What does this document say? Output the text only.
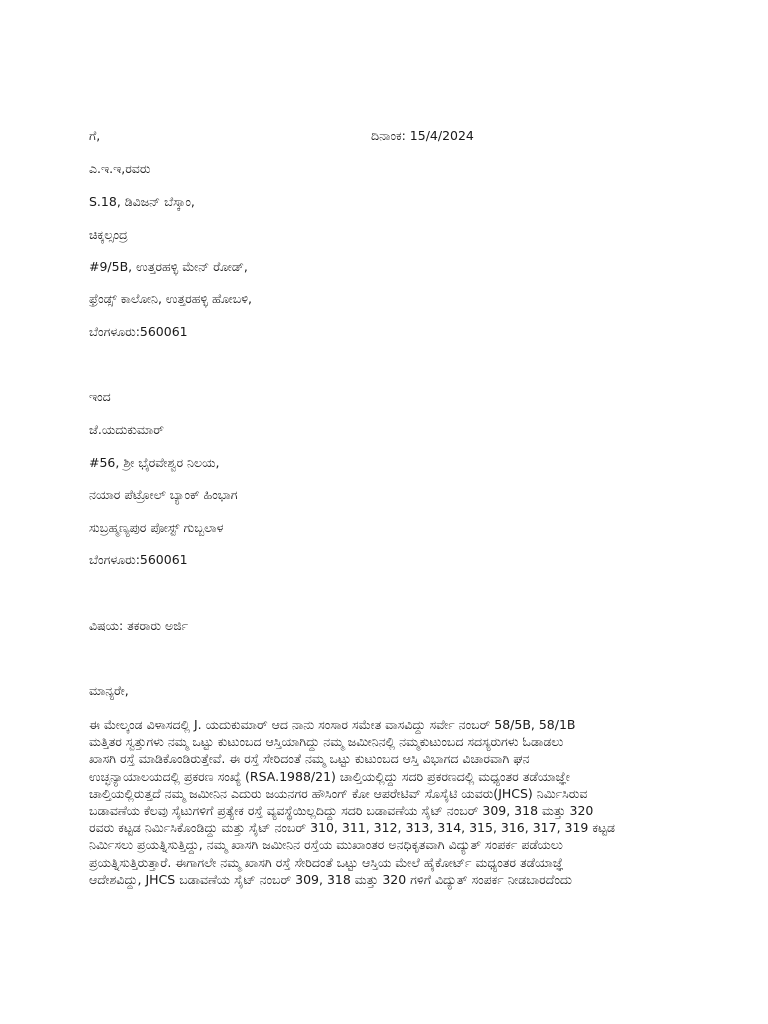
ಗೆ,	ದಿನಾಂಕ: 15/4/2024
ಎ.ಇ.ಇ,ರವರು
S.18, ಡಿವಿಜನ್ ಬೆಸ್ಕಾಂ,
ಚಿಕ್ಕಲ್ಸಂದ್ರ
#9/5B, ಉತ್ತರಹಳ್ಳಿ ಮೇನ್ ರೋಡ್,
ಫ್ರೆಂಡ್ಸ್ ಕಾಲೋನಿ, ಉತ್ತರಹಳ್ಳಿ ಹೋಬಳಿ,
ಬೆಂಗಳೂರು:560061
ಇಂದ
ಜೆ.ಯದುಕುಮಾರ್
#56, ಶ್ರೀ ಭೈರವೇಶ್ವರ ನಿಲಯ,
ನಯಾರ ಪೆಟ್ರೋಲ್ ಬ್ಯಾಂಕ್ ಹಿಂಭಾಗ
ಸುಬ್ರಹ್ಮಣ್ಯಪುರ ಪೋಸ್ಟ್ ಗುಬ್ಬಲಾಳ
ಬೆಂಗಳೂರು:560061
ವಿಷಯ: ತಕರಾರು ಅರ್ಜಿ
ಮಾನ್ಯರೇ,
ಈ ಮೇಲ್ಕಂಡ ವಿಳಾಸದಲ್ಲಿ J. ಯದುಕುಮಾರ್ ಆದ ನಾನು ಸಂಸಾರ ಸಮೇತ ವಾಸವಿದ್ದು ಸರ್ವೇ ನಂಬರ್ 58/5B, 58/1B
ಮತ್ತಿತರ ಸ್ವತ್ತುಗಳು ನಮ್ಮ ಒಟ್ಟು ಕುಟುಂಬದ ಆಸ್ತಿಯಾಗಿದ್ದು ನಮ್ಮ ಜಮೀನಿನಲ್ಲಿ ನಮ್ಮಕುಟುಂಬದ ಸದಸ್ಯರುಗಳು ಓಡಾಡಲು
ಖಾಸಗಿ ರಸ್ತೆ ಮಾಡಿಕೊಂಡಿರುತ್ತೇವೆ. ಈ ರಸ್ತೆ ಸೇರಿದಂತೆ ನಮ್ಮ ಒಟ್ಟು ಕುಟುಂಬದ ಆಸ್ತಿ ವಿಭಾಗದ ವಿಚಾರವಾಗಿ ಘನ
ಉಚ್ಛನ್ಯಾಯಾಲಯದಲ್ಲಿ ಪ್ರಕರಣ ಸಂಖ್ಯೆ (RSA.1988/21) ಚಾಲ್ತಿಯಲ್ಲಿದ್ದು ಸದರಿ ಪ್ರಕರಣದಲ್ಲಿ ಮಧ್ಯಂತರ ತಡೆಯಾಜ್ಞೇ
ಚಾಲ್ತಿಯಲ್ಲಿರುತ್ತದೆ ನಮ್ಮ ಜಮೀನಿನ ಎದುರು ಜಯನಗರ ಹೌಸಿಂಗ್ ಕೋ ಆಪರೇಟಿವ್ ಸೊಸೈಟಿ ಯವರು(JHCS) ನಿರ್ಮಿಸಿರುವ
ಬಡಾವಣೆಯ ಕೆಲವು ಸೈಟುಗಳಿಗೆ ಪ್ರತ್ಯೇಕ ರಸ್ತೆ ವ್ಯವಸ್ಥೆಯಿಲ್ಲದಿದ್ದು ಸದರಿ ಬಡಾವಣೆಯ ಸೈಟ್ ನಂಬರ್ 309, 318 ಮತ್ತು 320
ರವರು ಕಟ್ಟಡ ನಿರ್ಮಿಸಿಕೊಂಡಿದ್ದು ಮತ್ತು ಸೈಟ್ ನಂಬರ್ 310, 311, 312, 313, 314, 315, 316, 317, 319 ಕಟ್ಟಡ
ನಿರ್ಮಿಸಲು ಪ್ರಯತ್ನಿಸುತ್ತಿದ್ದು, ನಮ್ಮ ಖಾಸಗಿ ಜಮೀನಿನ ರಸ್ತೆಯ ಮುಖಾಂತರ ಅನಧಿಕೃತವಾಗಿ ವಿದ್ಯುತ್ ಸಂಪರ್ಕ ಪಡೆಯಲು
ಪ್ರಯತ್ನಿಸುತ್ತಿರುತ್ತಾರೆ. ಈಗಾಗಲೇ ನಮ್ಮ ಖಾಸಗಿ ರಸ್ತೆ ಸೇರಿದಂತೆ ಒಟ್ಟು ಆಸ್ತಿಯ ಮೇಲೆ ಹೈಕೋರ್ಟ್ ಮಧ್ಯಂತರ ತಡೆಯಾಜ್ಞೆ
ಆದೇಶವಿದ್ದು, JHCS ಬಡಾವಣೆಯ ಸೈಟ್ ನಂಬರ್ 309, 318 ಮತ್ತು 320 ಗಳಿಗೆ ವಿದ್ಯುತ್ ಸಂಪರ್ಕ ನೀಡಬಾರದೆಂದು
